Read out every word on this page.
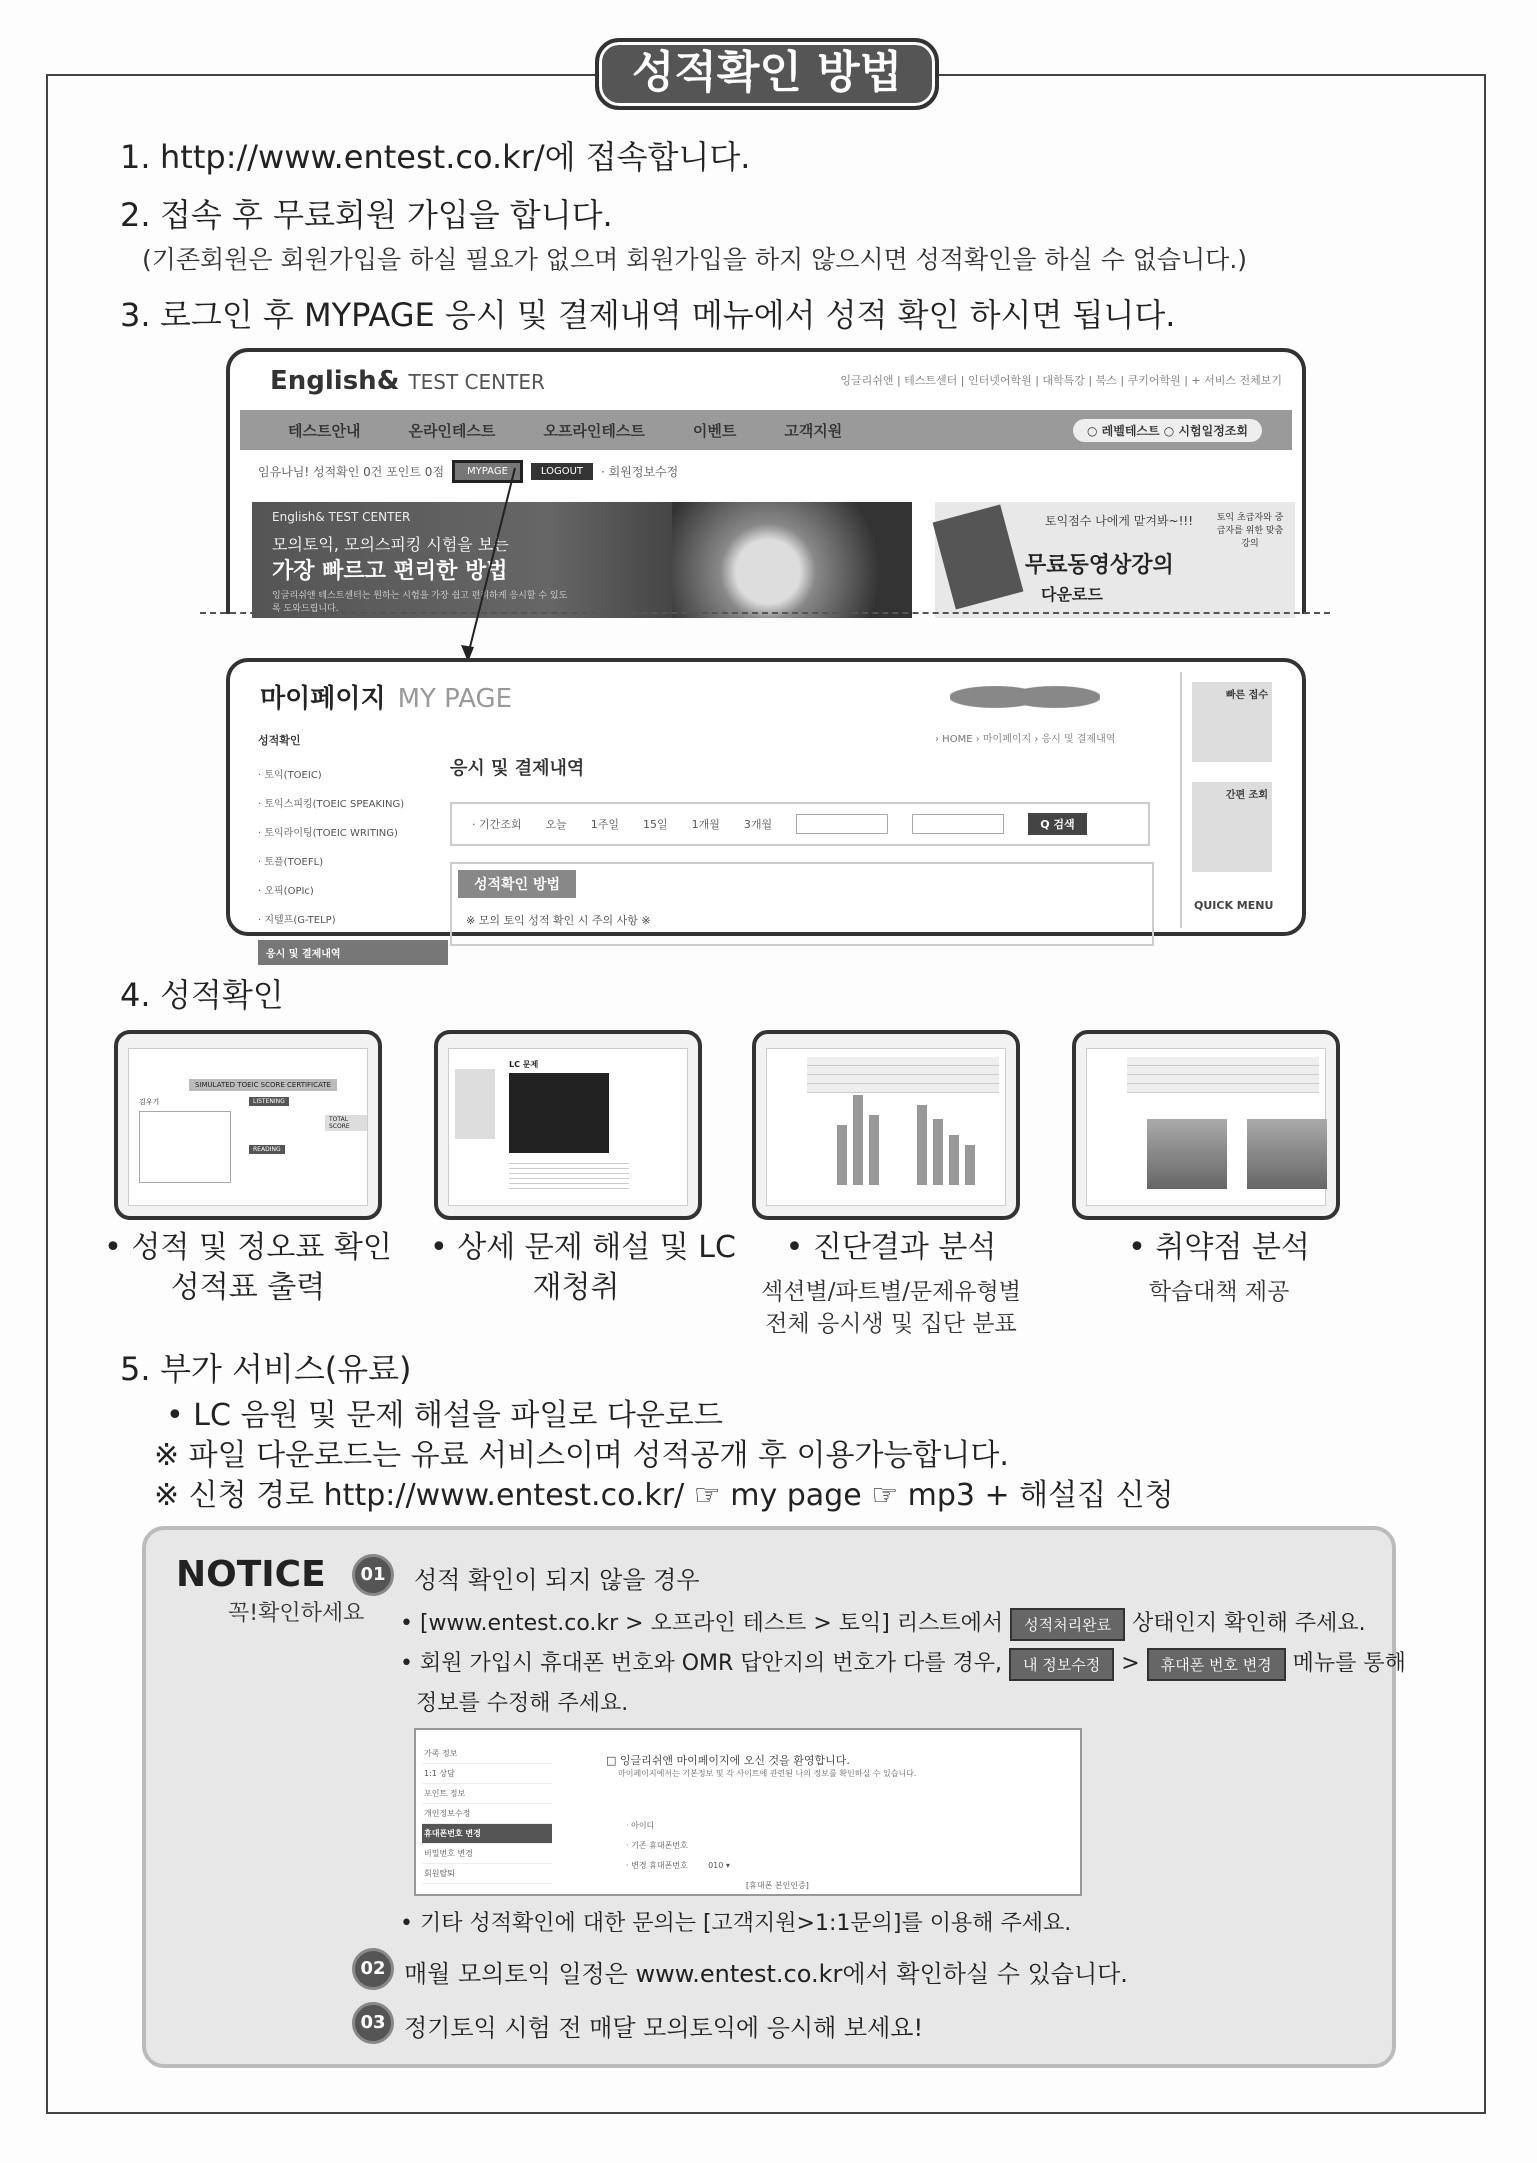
성적확인 방법
1. http://www.entest.co.kr/에 접속합니다.
2. 접속 후 무료회원 가입을 합니다.
(기존회원은 회원가입을 하실 필요가 없으며 회원가입을 하지 않으시면 성적확인을 하실 수 없습니다.)
3. 로그인 후 MYPAGE 응시 및 결제내역 메뉴에서 성적 확인 하시면 됩니다.
English& TEST CENTER	잉글리쉬앤 | 테스트센터 | 인터넷어학원 | 대학특강 | 북스 | 쿠키어학원 | + 서비스 전체보기
테스트안내	온라인테스트	오프라인테스트	이벤트	고객지원	○ 레벨테스트 ○ 시험일정조회
임유나님! 성적확인 0건 포인트 0점	MYPAGE	LOGOUT	· 회원정보수정
English& TEST CENTER
모의토익, 모의스피킹 시험을 보는
가장 빠르고 편리한 방법
잉글리쉬앤 테스트센터는 원하는 시험을 가장 쉽고 편리하게 응시할 수 있도록 도와드립니다.
토익점수 나에게 맡겨봐~!!!
무료동영상강의
다운로드
토익 초급자와 중급자를 위한 맞춤 강의
마이페이지 MY PAGE
성적확인
· 토익(TOEIC)
· 토익스피킹(TOEIC SPEAKING)
· 토익라이팅(TOEIC WRITING)
· 토플(TOEFL)
· 오픽(OPIc)
· 지텔프(G-TELP)
응시 및 결제내역
› HOME › 마이페이지 › 응시 및 결제내역
응시 및 결제내역
· 기간조회 오늘 1주일 15일 1개월 3개월	Q 검색
성적확인 방법
※ 모의 토익 성적 확인 시 주의 사항 ※
빠른 접수
간편 조회
QUICK MENU
4. 성적확인
SIMULATED TOEIC SCORE CERTIFICATE
김우기	LISTENING
READING
TOTAL SCORE
LC 문제
• 성적 및 정오표 확인
성적표 출력
• 상세 문제 해설 및 LC
재청취
• 진단결과 분석
섹션별/파트별/문제유형별
전체 응시생 및 집단 분표
• 취약점 분석
학습대책 제공
5. 부가 서비스(유료)
• LC 음원 및 문제 해설을 파일로 다운로드
※ 파일 다운로드는 유료 서비스이며 성적공개 후 이용가능합니다.
※ 신청 경로 http://www.entest.co.kr/ ☞ my page ☞ mp3 + 해설집 신청
NOTICE
꼭!확인하세요
01	성적 확인이 되지 않을 경우
• [www.entest.co.kr > 오프라인 테스트 > 토익] 리스트에서 성적처리완료 상태인지 확인해 주세요.
• 회원 가입시 휴대폰 번호와 OMR 답안지의 번호가 다를 경우, 내 정보수정 > 휴대폰 번호 변경 메뉴를 통해
정보를 수정해 주세요.
가족 정보
1:1 상담
포인트 정보
개인정보수정
휴대폰번호 변경
비밀번호 변경
회원탈퇴
□ 잉글리쉬앤 마이페이지에 오신 것을 환영합니다.
마이페이지에서는 기본정보 및 각 사이트에 관련된 나의 정보를 확인하실 수 있습니다.
· 아이디
· 기존 휴대폰번호
· 변경 휴대폰번호	010 ▾
[휴대폰 본인인증]
• 기타 성적확인에 대한 문의는 [고객지원>1:1문의]를 이용해 주세요.
02 매월 모의토익 일정은 www.entest.co.kr에서 확인하실 수 있습니다.
03 정기토익 시험 전 매달 모의토익에 응시해 보세요!
